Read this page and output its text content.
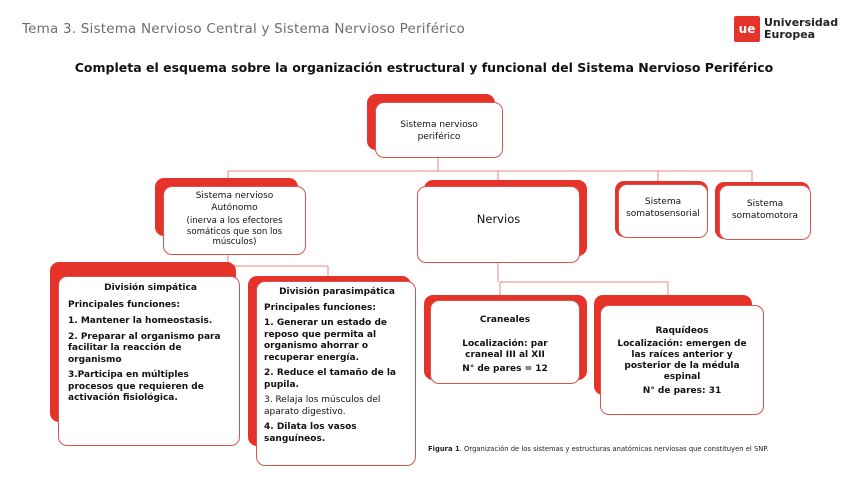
Tema 3. Sistema Nervioso Central y Sistema Nervioso Periférico	ue Universidad
Europea
Completa el esquema sobre la organización estructural y funcional del Sistema Nervioso Periférico
Sistema nervioso
periférico
Sistema nervioso
Autónomo
(inerva a los efectores somáticos que son los músculos)
Nervios
Sistema
somatosensorial
Sistema
somatomotora
División simpática
Principales funciones:

1. Mantener la homeostasis.

2. Preparar al organismo para facilitar la reacción de organismo

3.Participa en múltiples procesos que requieren de activación fisiológica.

División parasimpática
Principales funciones:

1. Generar un estado de reposo que permita al organismo ahorrar o recuperar energía.

2. Reduce el tamaño de la pupila.

3. Relaja los músculos del aparato digestivo.

4. Dilata los vasos sanguíneos.

Craneales
Localización: par craneal III al XII
N° de pares = 12
Raquídeos
Localización: emergen de las raíces anterior y posterior de la médula espinal
N° de pares: 31
Figura 1. Organización de los sistemas y estructuras anatómicas nerviosas que constituyen el SNP.
